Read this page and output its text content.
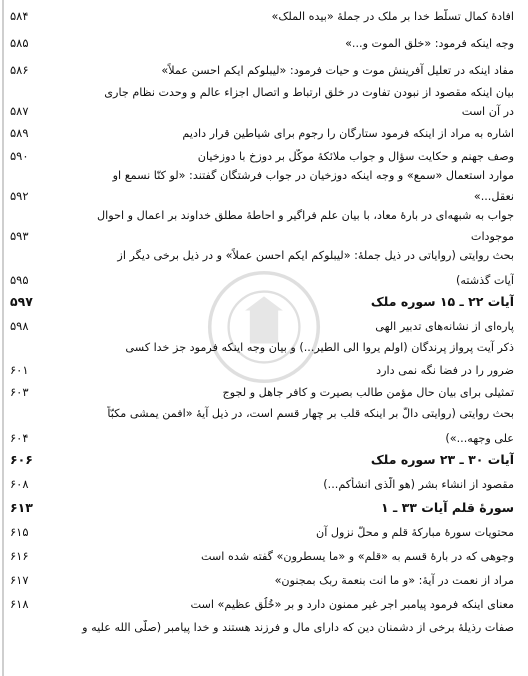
۵۸۴	افادهٔ کمال تسلّط خدا بر ملک در جملهٔ «بیده الملک»
۵۸۵	وجه اینکه فرمود: «خلق الموت و...»
۵۸۶	مفاد اینکه در تعلیل آفرینش موت و حیات فرمود: «لیبلوکم ایکم احسن عملاً»
بیان اینکه مقصود از نبودن تفاوت در خلق ارتباط و اتصال اجزاء عالم و وحدت نظام جاری
۵۸۷	در آن است
۵۸۹	اشاره به مراد از اینکه فرمود ستارگان را رجوم برای شیاطین قرار دادیم
۵۹۰	وصف جهنم و حکایت سؤال و جواب ملائکهٔ موکّل بر دوزخ با دوزخیان
موارد استعمال «سمع» و وجه اینکه دوزخیان در جواب فرشتگان گفتند: «لو کنّا نسمع او
۵۹۲	نعقل...»
جواب به شبهه‌ای در بارهٔ معاد، با بیان علم فراگیر و احاطهٔ مطلق خداوند بر اعمال و احوال
۵۹۳	موجودات
بحث روایتی (روایاتی در ذیل جملهٔ: «لیبلوکم ایکم احسن عملاً» و در ذیل برخی دیگر از
۵۹۵	آیات گذشته)
۵۹۷	آیات ۲۲ ـ ۱۵ سوره ملک
۵۹۸	پاره‌ای از نشانه‌های تدبیر الهی
ذکر آیت پرواز پرندگان (اولم یروا الی الطیر...) و بیان وجه اینکه فرمود جز خدا کسی
۶۰۱	ضرور را در فضا نگه نمی دارد
۶۰۳	تمثیلی برای بیان حال مؤمن طالب بصیرت و کافر جاهل و لجوج
بحث روایتی (روایتی دالّ بر اینکه قلب بر چهار قسم است، در ذیل آیهٔ «افمن یمشی مکبّاً
۶۰۴	علی وجهه...»)
۶۰۶	آیات ۳۰ ـ ۲۳ سوره ملک
۶۰۸	مقصود از انشاء بشر (هو الّذی انشأکم...)
۶۱۳	سورهٔ قلم آیات ۳۳ ـ ۱
۶۱۵	محتویات سورهٔ مبارکهٔ قلم و محلّ نزول آن
۶۱۶	وجوهی که در بارهٔ قسم به «قلم» و «ما یسطرون» گفته شده است
۶۱۷	مراد از نعمت در آیهٔ: «و ما انت بنعمة ربک بمجنون»
۶۱۸	معنای اینکه فرمود پیامبر اجر غیر ممنون دارد و بر «خُلُق عظیم» است
صفات رذیلهٔ برخی از دشمنان دین که دارای مال و فرزند هستند و خدا پیامبر (صلّی الله علیه و
